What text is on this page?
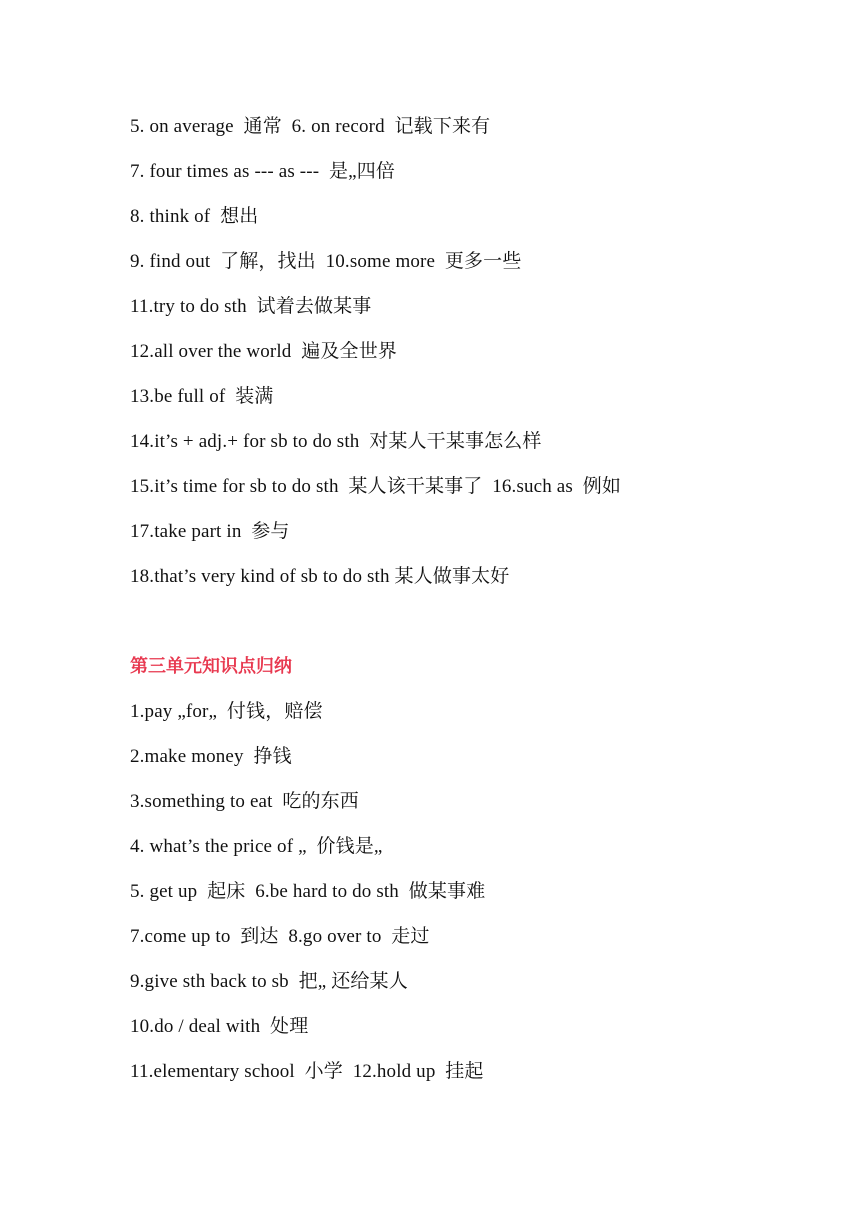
5. on average  通常  6. on record  记载下来有
7. four times as --- as ---  是„四倍
8. think of  想出
9. find out  了解，找出  10.some more  更多一些
11.try to do sth  试着去做某事
12.all over the world  遍及全世界
13.be full of  装满
14.it’s + adj.+ for sb to do sth  对某人干某事怎么样
15.it’s time for sb to do sth  某人该干某事了  16.such as  例如
17.take part in  参与
18.that’s very kind of sb to do sth 某人做事太好
第三单元知识点归纳
1.pay „for„  付钱，赔偿
2.make money  挣钱
3.something to eat  吃的东西
4. what’s the price of „  价钱是„
5. get up  起床  6.be hard to do sth  做某事难
7.come up to  到达  8.go over to  走过
9.give sth back to sb  把„ 还给某人
10.do / deal with  处理
11.elementary school  小学  12.hold up  挂起
